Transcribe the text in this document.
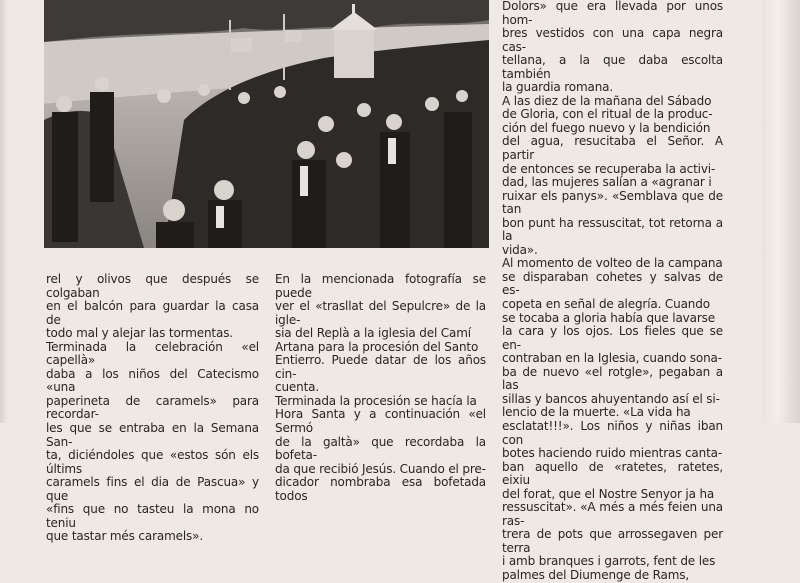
rel y olivos que después se colgaban

en el balcón para guardar la casa de

todo mal y alejar las tormentas.

Terminada la celebración «el capellà»

daba a los niños del Catecismo «una

paperineta de caramels» para recordar-

les que se entraba en la Semana San-

ta, diciéndoles que «estos són els últims

caramels fins el dia de Pascua» y que

«fins que no tasteu la mona no teniu

que tastar més caramels».

En la mencionada fotografía se puede

ver el «trasllat del Sepulcre» de la igle-

sia del Replà a la iglesia del Camí

Artana para la procesión del Santo

Entierro. Puede datar de los años cin-

cuenta.

Terminada la procesión se hacía la

Hora Santa y a continuación «el Sermó

de la galtà» que recordaba la bofeta-

da que recibió Jesús. Cuando el pre-

dicador nombraba esa bofetada todos

Dolors» que era llevada por unos hom-

bres vestidos con una capa negra cas-

tellana, a la que daba escolta también

la guardia romana.

A las diez de la mañana del Sábado

de Gloria, con el ritual de la produc-

ción del fuego nuevo y la bendición

del agua, resucitaba el Señor. A partir

de entonces se recuperaba la activi-

dad, las mujeres salían a «agranar i

ruixar els panys». «Semblava que de tan

bon punt ha ressuscitat, tot retorna a la

vida».

Al momento de volteo de la campana

se disparaban cohetes y salvas de es-

copeta en señal de alegría. Cuando

se tocaba a gloria había que lavarse

la cara y los ojos. Los fieles que se en-

contraban en la Iglesia, cuando sona-

ba de nuevo «el rotgle», pegaban a las

sillas y bancos ahuyentando así el si-

lencio de la muerte. «La vida ha

esclatat!!!». Los niños y niñas iban con

botes haciendo ruido mientras canta-

ban aquello de «ratetes, ratetes, eixiu

del forat, que el Nostre Senyor ja ha

ressuscitat». «A més a més feien una ras-

trera de pots que arrossegaven per terra

i amb branques i garrots, fent de les

palmes del Diumenge de Rams,
